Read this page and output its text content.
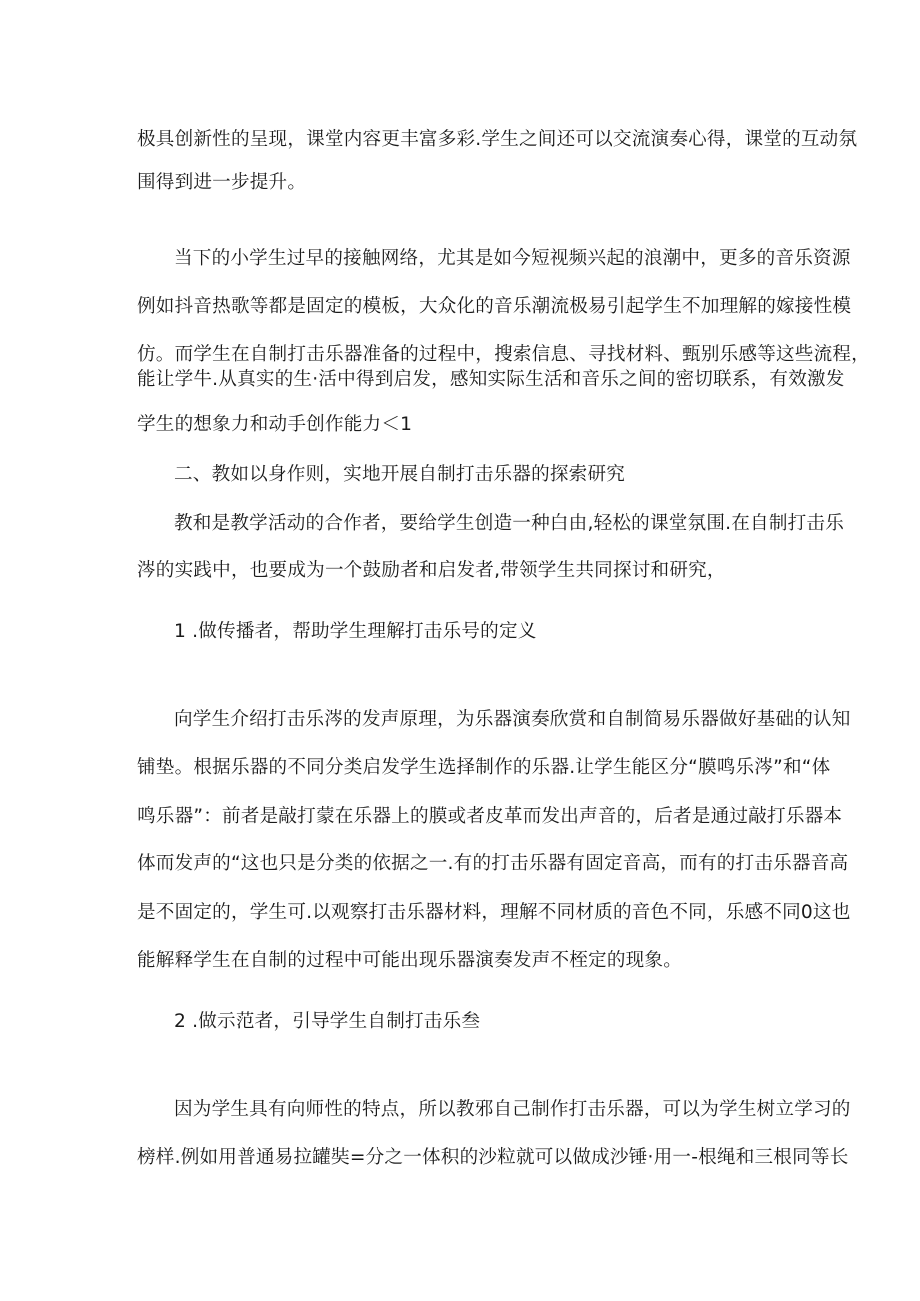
极具创新性的呈现，课堂内容更丰富多彩.学生之间还可以交流演奏心得，课堂的互动氛
围得到进一步提升。
当下的小学生过早的接触网络，尤其是如今短视频兴起的浪潮中，更多的音乐资源
例如抖音热歌等都是固定的模板，大众化的音乐潮流极易引起学生不加理解的嫁接性模
仿。而学生在自制打击乐器准备的过程中，搜索信息、寻找材料、甄别乐感等这些流程，
能让学牛.从真实的生·活中得到启发，感知实际生活和音乐之间的密切联系，有效激发
学生的想象力和动手创作能力＜1
二、教如以身作则，实地开展自制打击乐器的探索研究
教和是教学活动的合作者，要给学生创造一种白由,轻松的课堂氛围.在自制打击乐
涔的实践中，也要成为一个鼓励者和启发者,带领学生共同探讨和研究，
1 .做传播者，帮助学生理解打击乐号的定义
向学生介绍打击乐涔的发声原理，为乐器演奏欣赏和自制简易乐器做好基础的认知
铺垫。根据乐器的不同分类启发学生选择制作的乐器.让学生能区分“膜鸣乐涔”和“体
鸣乐器”：前者是敲打蒙在乐器上的膜或者皮革而发出声音的，后者是通过敲打乐器本
体而发声的“这也只是分类的依据之一.有的打击乐器有固定音高，而有的打击乐器音高
是不固定的，学生可.以观察打击乐器材料，理解不同材质的音色不同，乐感不同0这也
能解释学生在自制的过程中可能出现乐器演奏发声不桎定的现象。
2 .做示范者，引导学生自制打击乐叁
因为学生具有向师性的特点，所以教邪自己制作打击乐器，可以为学生树立学习的
榜样.例如用普通易拉罐奘=分之一体积的沙粒就可以做成沙锤·用一-根绳和三根同等长
